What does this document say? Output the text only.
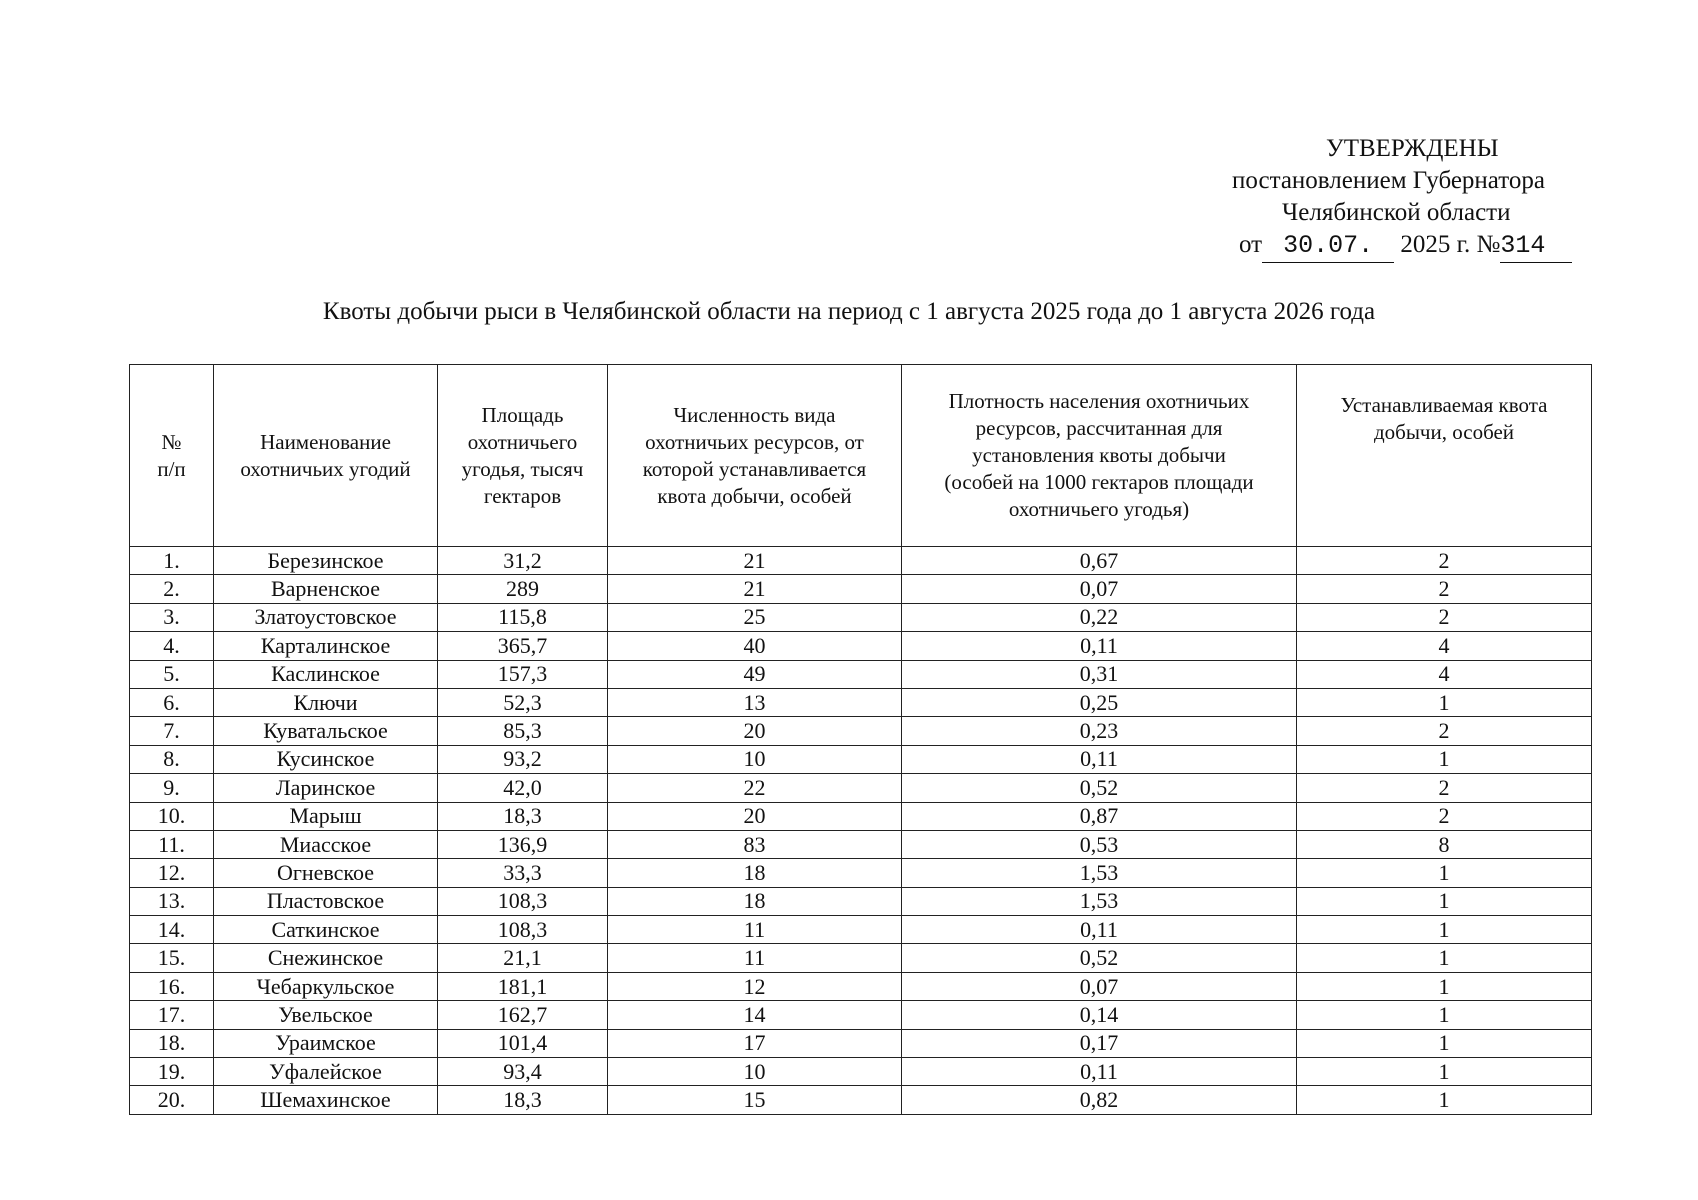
УТВЕРЖДЕНЫ
постановлением Губернатора
Челябинской области
от 30.07. 2025 г. №314
Квоты добычи рыси в Челябинской области на период с 1 августа 2025 года до 1 августа 2026 года
№
п/п	Наименование
охотничьих угодий	Площадь
охотничьего
угодья, тысяч
гектаров	Численность вида
охотничьих ресурсов, от
которой устанавливается
квота добычи, особей	Плотность населения охотничьих
ресурсов, рассчитанная для
установления квоты добычи
(особей на 1000 гектаров площади
охотничьего угодья)	Устанавливаемая квота
добычи, особей
1.	Березинское	31,2	21	0,67	2
2.	Варненское	289	21	0,07	2
3.	Златоустовское	115,8	25	0,22	2
4.	Карталинское	365,7	40	0,11	4
5.	Каслинское	157,3	49	0,31	4
6.	Ключи	52,3	13	0,25	1
7.	Куватальское	85,3	20	0,23	2
8.	Кусинское	93,2	10	0,11	1
9.	Ларинское	42,0	22	0,52	2
10.	Марыш	18,3	20	0,87	2
11.	Миасское	136,9	83	0,53	8
12.	Огневское	33,3	18	1,53	1
13.	Пластовское	108,3	18	1,53	1
14.	Саткинское	108,3	11	0,11	1
15.	Снежинское	21,1	11	0,52	1
16.	Чебаркульское	181,1	12	0,07	1
17.	Увельское	162,7	14	0,14	1
18.	Ураимское	101,4	17	0,17	1
19.	Уфалейское	93,4	10	0,11	1
20.	Шемахинское	18,3	15	0,82	1
